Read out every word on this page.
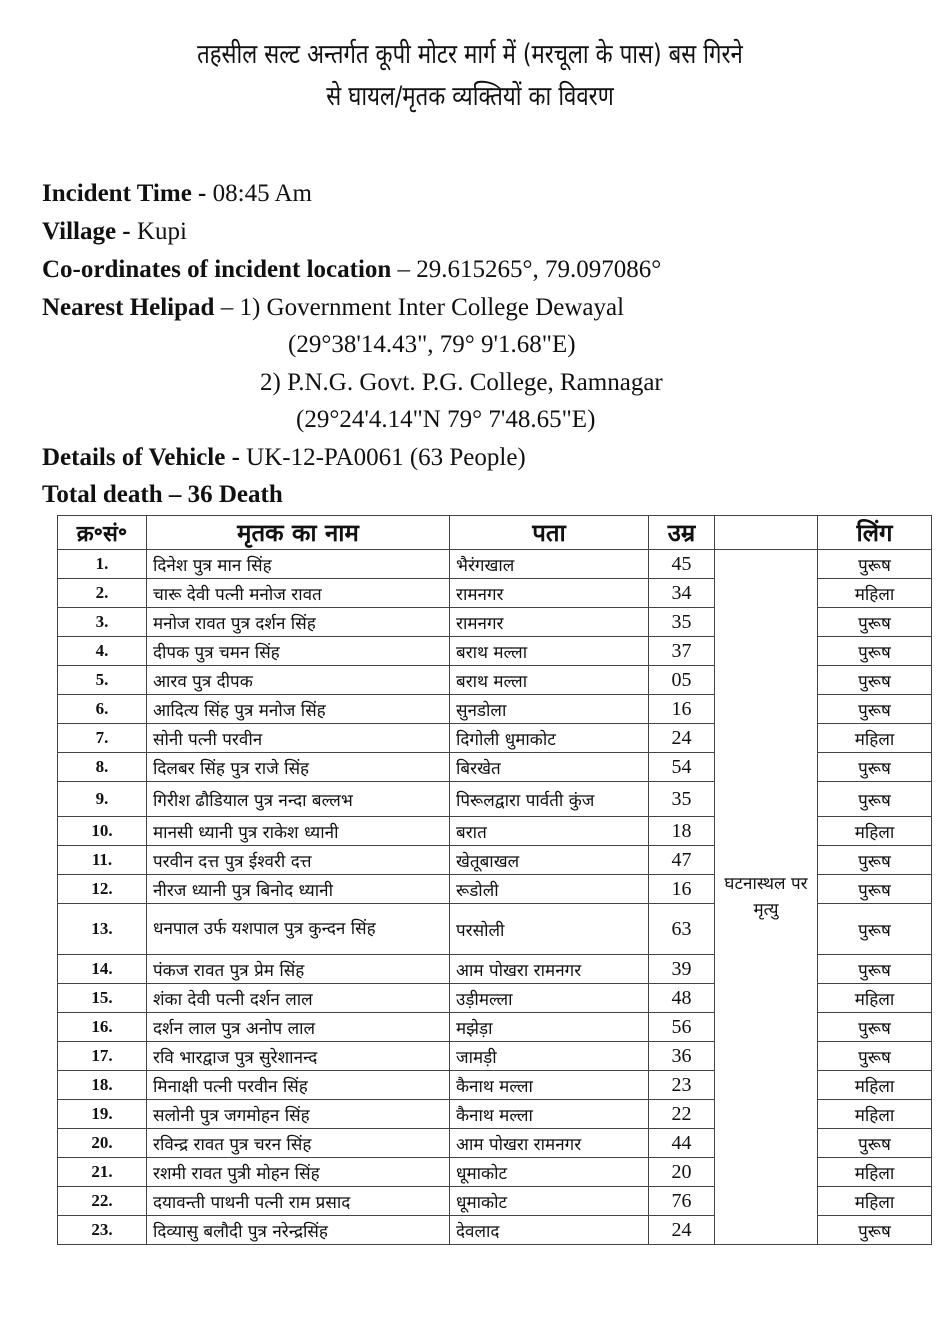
तहसील सल्ट अन्तर्गत कूपी मोटर मार्ग में (मरचूला के पास) बस गिरने
से घायल/मृतक व्यक्तियों का विवरण
Incident Time - 08:45 Am
Village - Kupi
Co-ordinates of incident location – 29.615265°, 79.097086°
Nearest Helipad – 1) Government Inter College Dewayal
(29°38'14.43", 79° 9'1.68"E)
2) P.N.G. Govt. P.G. College, Ramnagar
(29°24'4.14"N 79° 7'48.65"E)
Details of Vehicle - UK-12-PA0061 (63 People)
Total death – 36 Death
क्र॰सं॰	मृतक का नाम	पता	उम्र		लिंग
1.	दिनेश पुत्र मान सिंह	भैरंगखाल	45	घटनास्थल पर मृत्यु	पुरूष
2.	चारू देवी पत्नी मनोज रावत	रामनगर	34		महिला
3.	मनोज रावत पुत्र दर्शन सिंह	रामनगर	35		पुरूष
4.	दीपक पुत्र चमन सिंह	बराथ मल्ला	37		पुरूष
5.	आरव पुत्र दीपक	बराथ मल्ला	05		पुरूष
6.	आदित्य सिंह पुत्र मनोज सिंह	सुनडोला	16		पुरूष
7.	सोनी पत्नी परवीन	दिगोली धुमाकोट	24		महिला
8.	दिलबर सिंह पुत्र राजे सिंह	बिरखेत	54		पुरूष
9.	गिरीश ढौडियाल पुत्र नन्दा बल्लभ	पिरूलद्वारा पार्वती कुंज	35		पुरूष
10.	मानसी ध्यानी पुत्र राकेश ध्यानी	बरात	18		महिला
11.	परवीन दत्त पुत्र ईश्वरी दत्त	खेतूबाखल	47		पुरूष
12.	नीरज ध्यानी पुत्र बिनोद ध्यानी	रूडोली	16		पुरूष
13.	धनपाल उर्फ यशपाल पुत्र कुन्दन सिंह	परसोली	63		पुरूष
14.	पंकज रावत पुत्र प्रेम सिंह	आम पोखरा रामनगर	39		पुरूष
15.	शंका देवी पत्नी दर्शन लाल	उड़ीमल्ला	48		महिला
16.	दर्शन लाल पुत्र अनोप लाल	मझेड़ा	56		पुरूष
17.	रवि भारद्वाज पुत्र सुरेशानन्द	जामड़ी	36		पुरूष
18.	मिनाक्षी पत्नी परवीन सिंह	कैनाथ मल्ला	23		महिला
19.	सलोनी पुत्र जगमोहन सिंह	कैनाथ मल्ला	22		महिला
20.	रविन्द्र रावत पुत्र चरन सिंह	आम पोखरा रामनगर	44		पुरूष
21.	रशमी रावत पुत्री मोहन सिंह	धूमाकोट	20		महिला
22.	दयावन्ती पाथनी पत्नी राम प्रसाद	धूमाकोट	76		महिला
23.	दिव्यासु बलौदी पुत्र नरेन्द्रसिंह	देवलाद	24		पुरूष
